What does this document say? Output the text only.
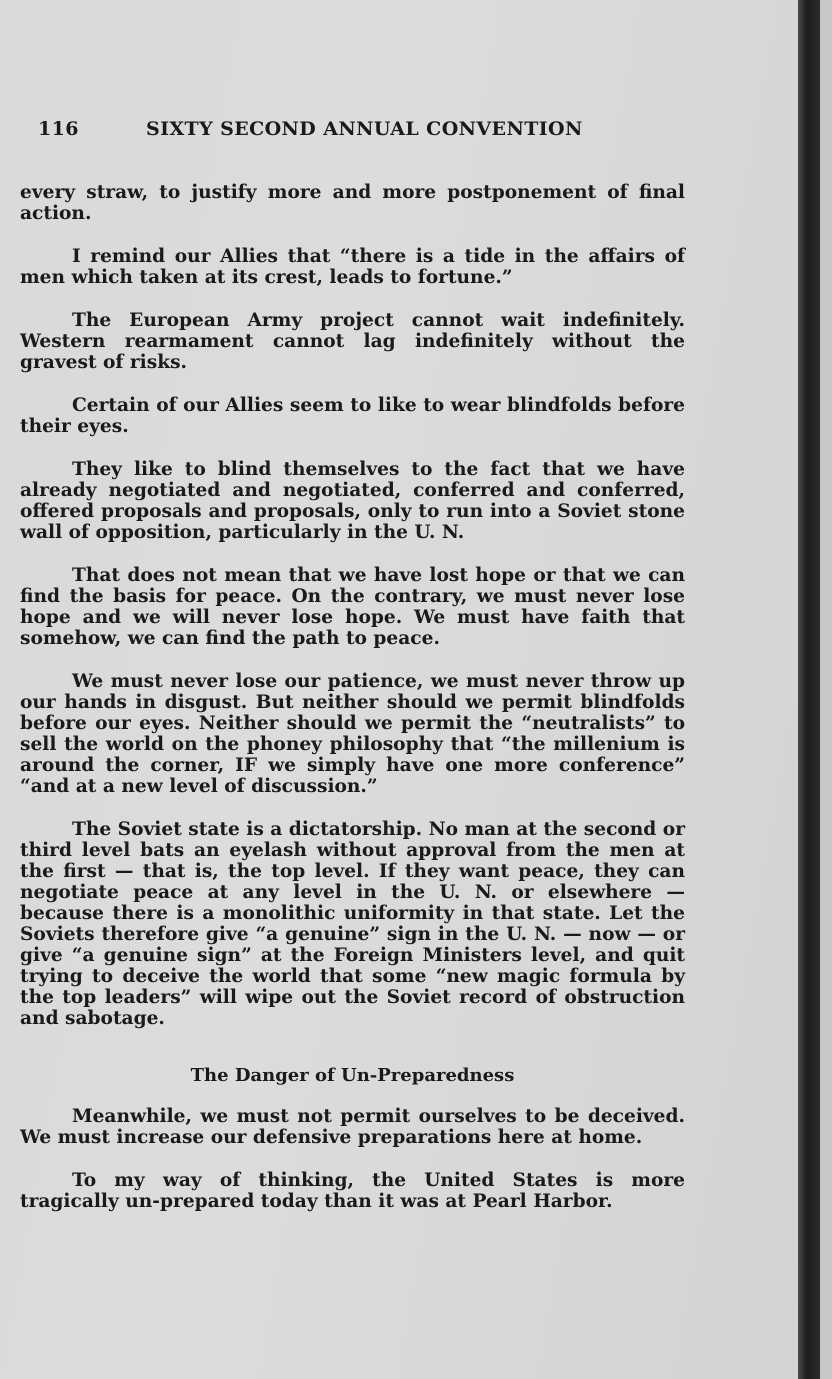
116	SIXTY SECOND ANNUAL CONVENTION

every straw, to justify more and more postponement of final action.

I remind our Allies that “there is a tide in the affairs of men which taken at its crest, leads to fortune.”

The European Army project cannot wait indefinitely. Western rearmament cannot lag indefinitely without the gravest of risks.

Certain of our Allies seem to like to wear blindfolds before their eyes.

They like to blind themselves to the fact that we have already negotiated and negotiated, conferred and conferred, offered proposals and proposals, only to run into a Soviet stone wall of opposition, particularly in the U. N.

That does not mean that we have lost hope or that we can find the basis for peace. On the contrary, we must never lose hope and we will never lose hope. We must have faith that somehow, we can find the path to peace.

We must never lose our patience, we must never throw up our hands in disgust. But neither should we permit blindfolds before our eyes. Neither should we permit the “neutralists” to sell the world on the phoney philosophy that “the millenium is around the corner, IF we simply have one more conference” “and at a new level of discussion.”

The Soviet state is a dictatorship. No man at the second or third level bats an eyelash without approval from the men at the first — that is, the top level. If they want peace, they can negotiate peace at any level in the U. N. or elsewhere — because there is a monolithic uniformity in that state. Let the Soviets therefore give “a genuine” sign in the U. N. — now — or give “a genuine sign” at the Foreign Ministers level, and quit trying to deceive the world that some “new magic formula by the top leaders” will wipe out the Soviet record of obstruction and sabotage.

The Danger of Un-Preparedness

Meanwhile, we must not permit ourselves to be deceived. We must increase our defensive preparations here at home.

To my way of thinking, the United States is more tragically un-prepared today than it was at Pearl Harbor.
